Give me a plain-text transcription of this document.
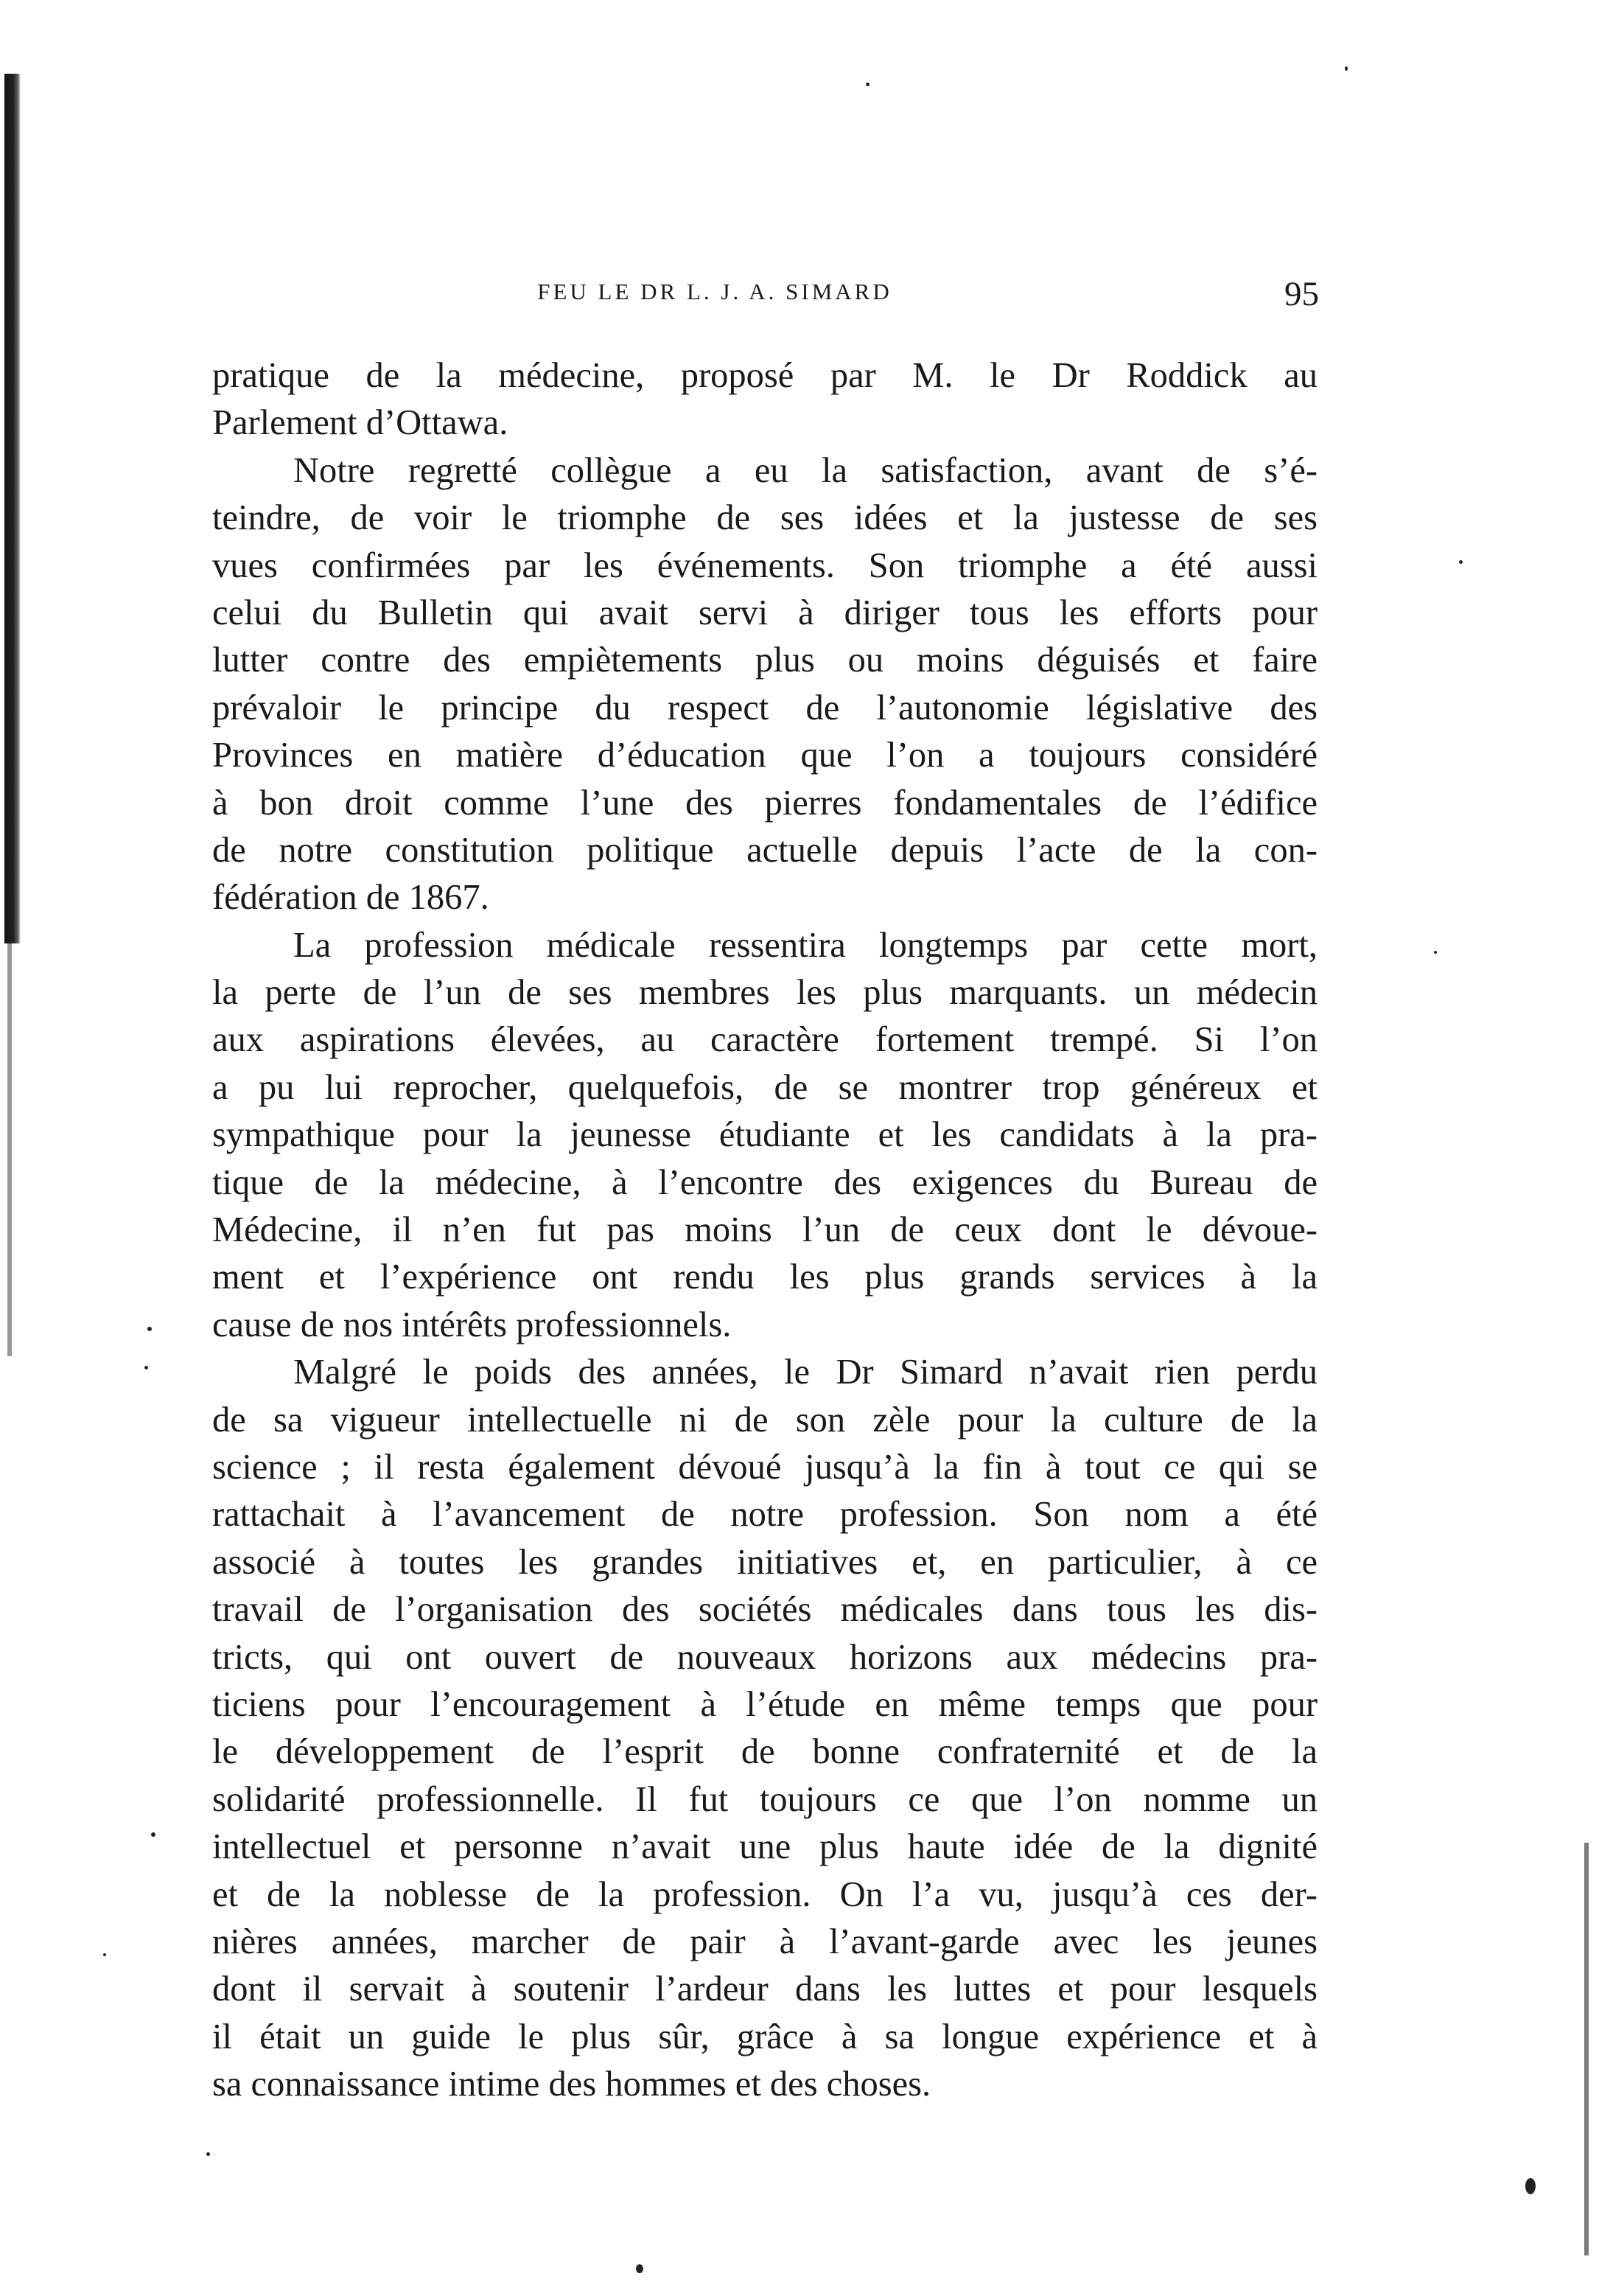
FEU LE DR L. J. A. SIMARD	95
pratique de la médecine, proposé par M. le Dr Roddick au
Parlement d’Ottawa.
Notre regretté collègue a eu la satisfaction, avant de s’é-
teindre, de voir le triomphe de ses idées et la justesse de ses
vues confirmées par les événements. Son triomphe a été aussi
celui du Bulletin qui avait servi à diriger tous les efforts pour
lutter contre des empiètements plus ou moins déguisés et faire
prévaloir le principe du respect de l’autonomie législative des
Provinces en matière d’éducation que l’on a toujours considéré
à bon droit comme l’une des pierres fondamentales de l’édifice
de notre constitution politique actuelle depuis l’acte de la con-
fédération de 1867.
La profession médicale ressentira longtemps par cette mort,
la perte de l’un de ses membres les plus marquants. un médecin
aux aspirations élevées, au caractère fortement trempé. Si l’on
a pu lui reprocher, quelquefois, de se montrer trop généreux et
sympathique pour la jeunesse étudiante et les candidats à la pra-
tique de la médecine, à l’encontre des exigences du Bureau de
Médecine, il n’en fut pas moins l’un de ceux dont le dévoue-
ment et l’expérience ont rendu les plus grands services à la
cause de nos intérêts professionnels.
Malgré le poids des années, le Dr Simard n’avait rien perdu
de sa vigueur intellectuelle ni de son zèle pour la culture de la
science ; il resta également dévoué jusqu’à la fin à tout ce qui se
rattachait à l’avancement de notre profession. Son nom a été
associé à toutes les grandes initiatives et, en particulier, à ce
travail de l’organisation des sociétés médicales dans tous les dis-
tricts, qui ont ouvert de nouveaux horizons aux médecins pra-
ticiens pour l’encouragement à l’étude en même temps que pour
le développement de l’esprit de bonne confraternité et de la
solidarité professionnelle. Il fut toujours ce que l’on nomme un
intellectuel et personne n’avait une plus haute idée de la dignité
et de la noblesse de la profession. On l’a vu, jusqu’à ces der-
nières années, marcher de pair à l’avant-garde avec les jeunes
dont il servait à soutenir l’ardeur dans les luttes et pour lesquels
il était un guide le plus sûr, grâce à sa longue expérience et à
sa connaissance intime des hommes et des choses.
